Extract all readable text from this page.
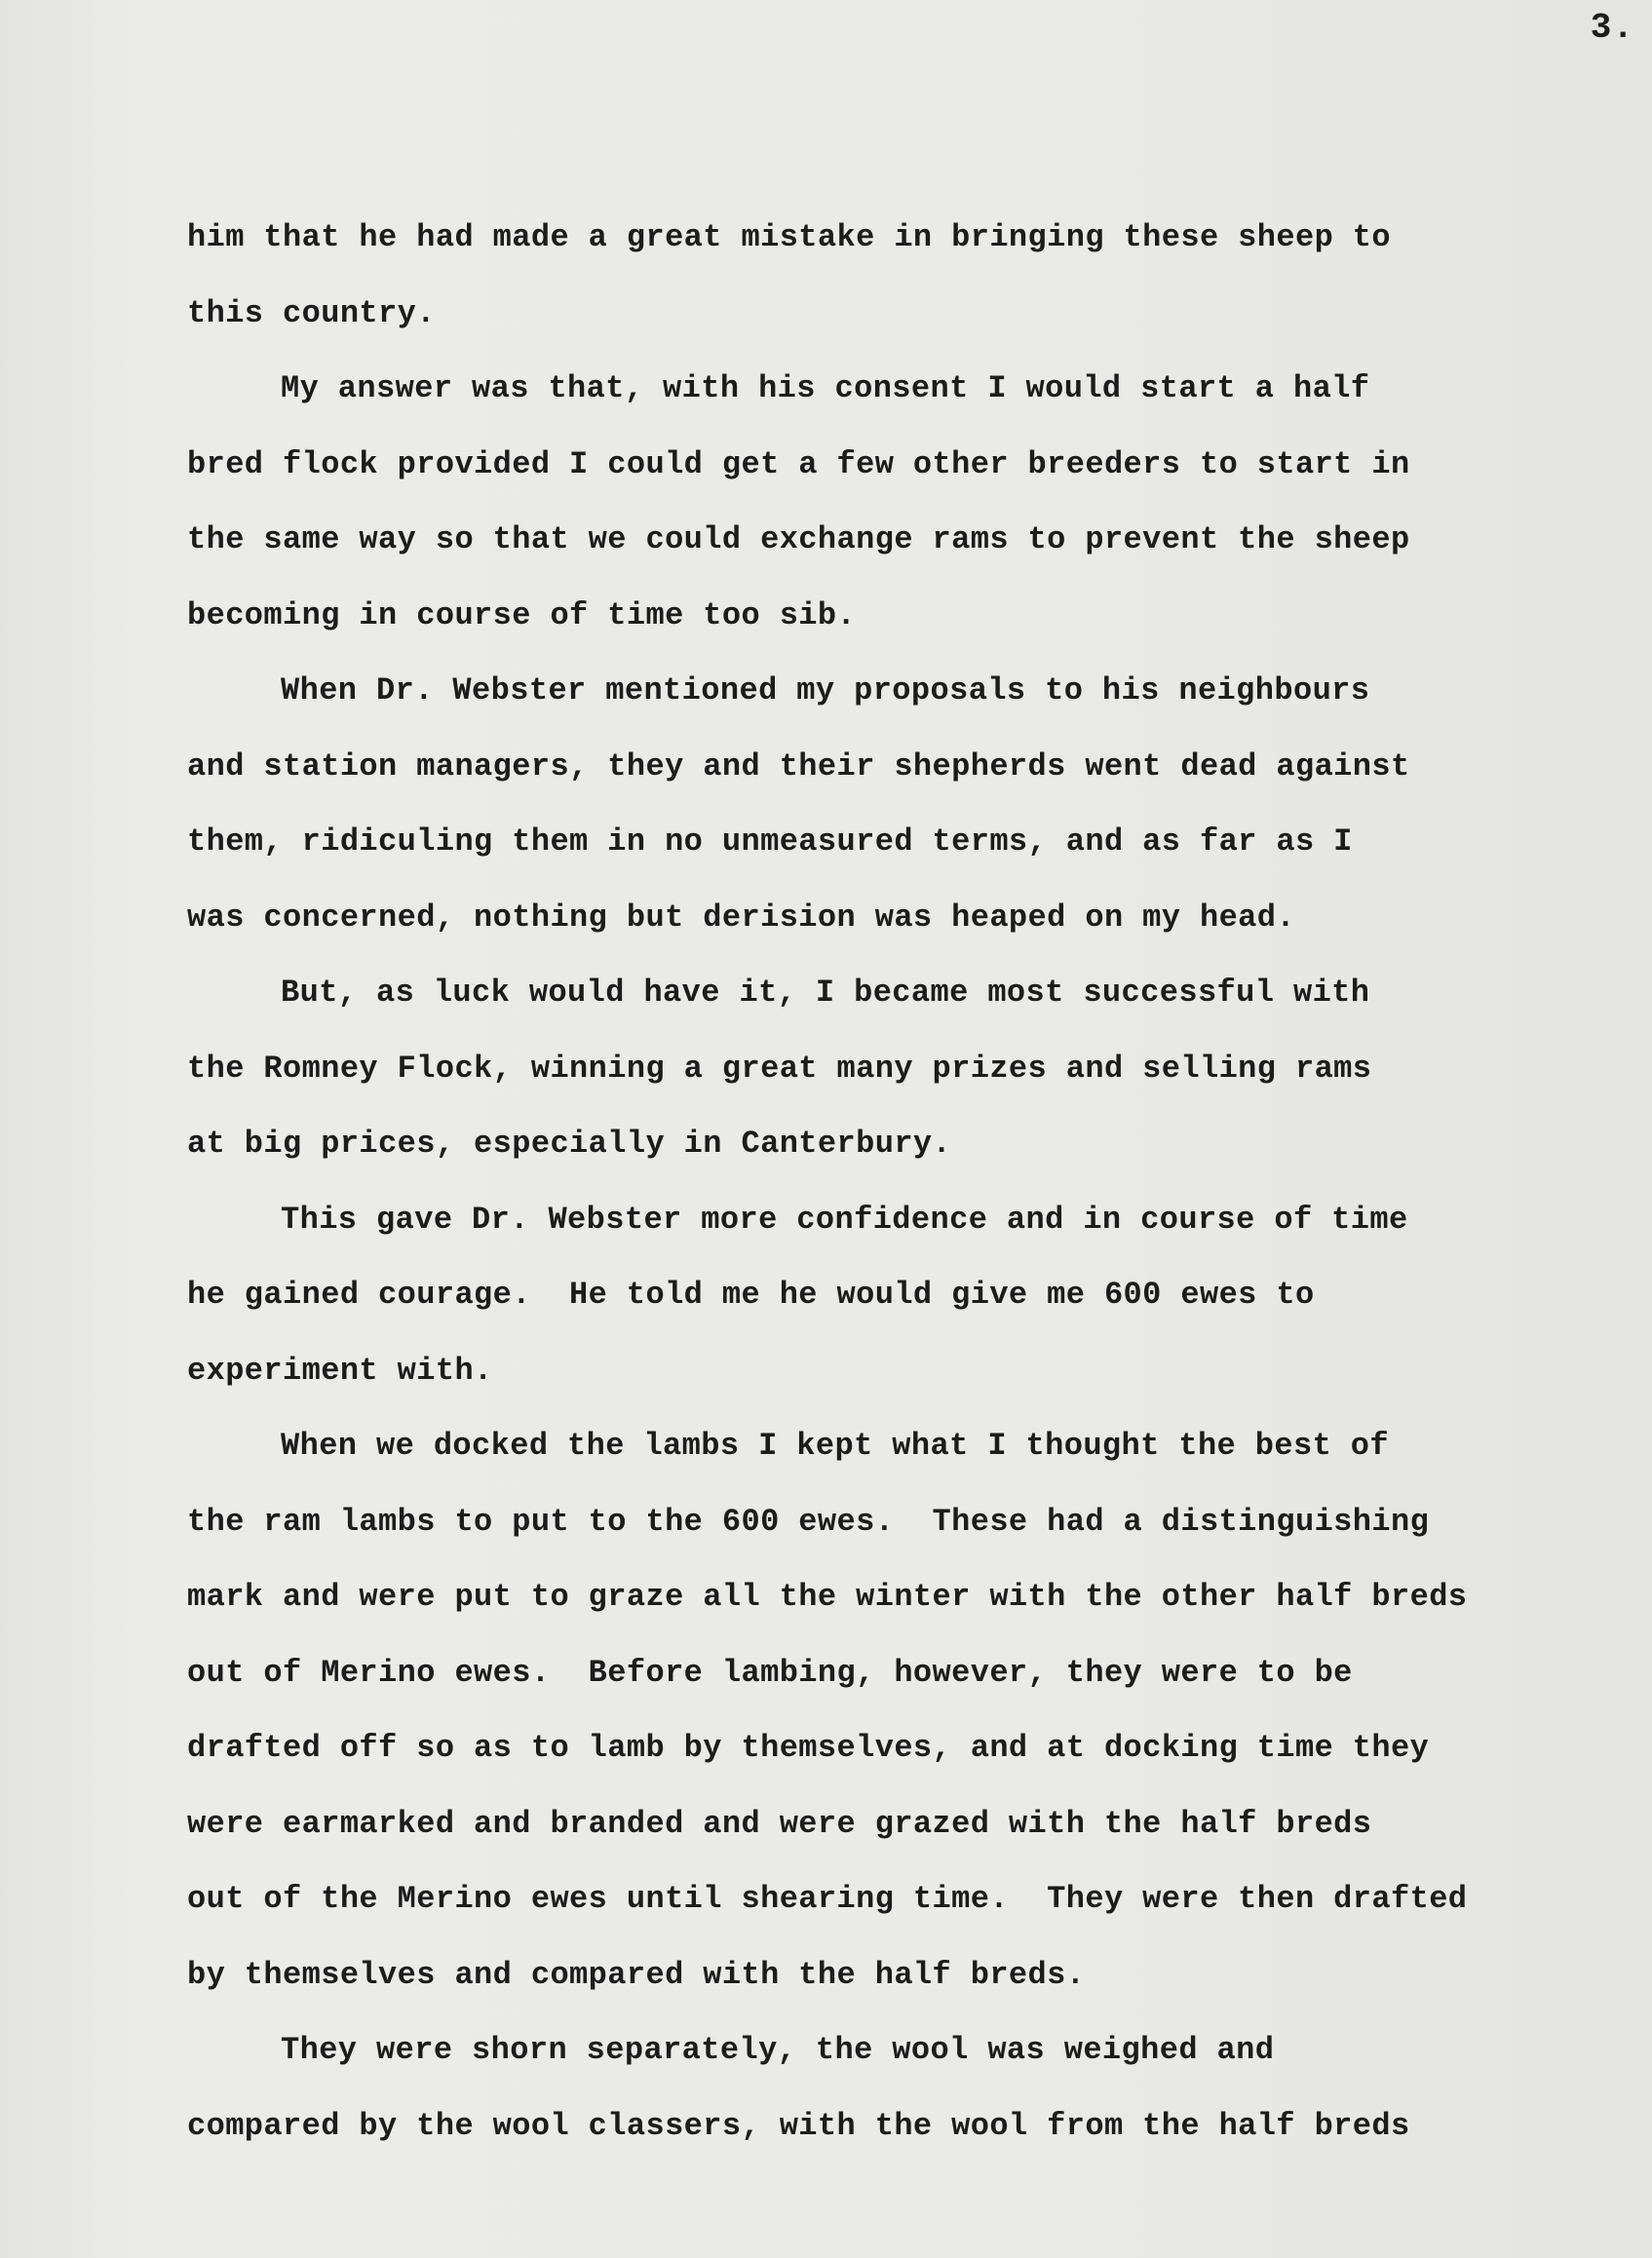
3.
him that he had made a great mistake in bringing these sheep to
this country.
My answer was that, with his consent I would start a half
bred flock provided I could get a few other breeders to start in
the same way so that we could exchange rams to prevent the sheep
becoming in course of time too sib.
When Dr. Webster mentioned my proposals to his neighbours
and station managers, they and their shepherds went dead against
them, ridiculing them in no unmeasured terms, and as far as I
was concerned, nothing but derision was heaped on my head.
But, as luck would have it, I became most successful with
the Romney Flock, winning a great many prizes and selling rams
at big prices, especially in Canterbury.
This gave Dr. Webster more confidence and in course of time
he gained courage.  He told me he would give me 600 ewes to
experiment with.
When we docked the lambs I kept what I thought the best of
the ram lambs to put to the 600 ewes.  These had a distinguishing
mark and were put to graze all the winter with the other half breds
out of Merino ewes.  Before lambing, however, they were to be
drafted off so as to lamb by themselves, and at docking time they
were earmarked and branded and were grazed with the half breds
out of the Merino ewes until shearing time.  They were then drafted
by themselves and compared with the half breds.
They were shorn separately, the wool was weighed and
compared by the wool classers, with the wool from the half breds
